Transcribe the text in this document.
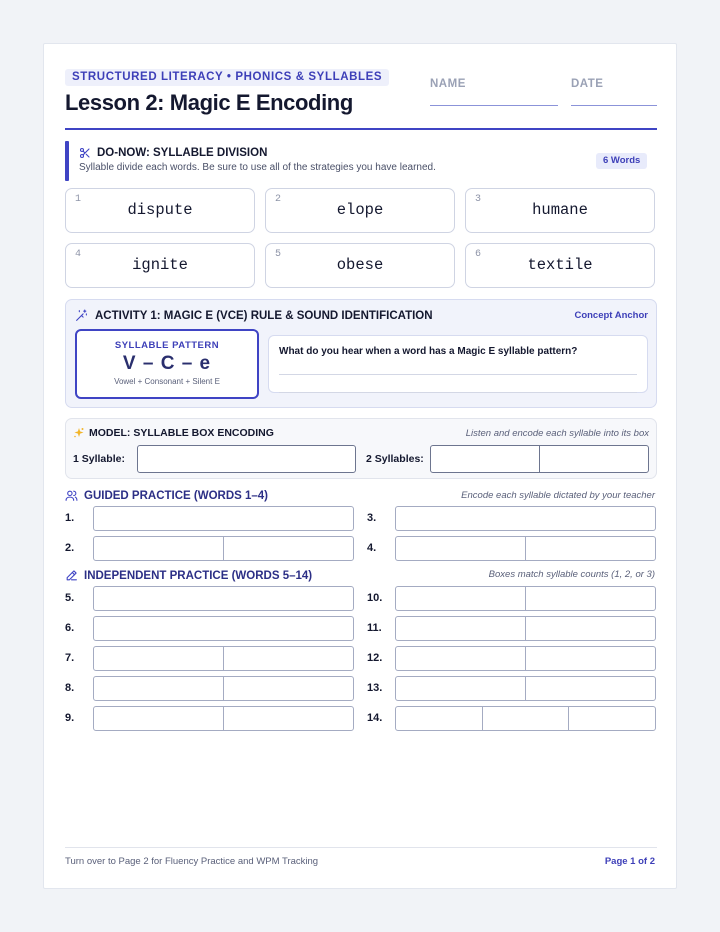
STRUCTURED LITERACY • PHONICS & SYLLABLES
Lesson 2: Magic E Encoding
NAME	DATE
DO-NOW: SYLLABLE DIVISION
Syllable divide each words. Be sure to use all of the strategies you have learned.
6 Words
1
dispute
2
elope
3
humane
4
ignite
5
obese
6
textile
ACTIVITY 1: MAGIC E (VCE) RULE & SOUND IDENTIFICATION	Concept Anchor
SYLLABLE PATTERN
V – C – e
Vowel + Consonant + Silent E
What do you hear when a word has a Magic E syllable pattern?
MODEL: SYLLABLE BOX ENCODING	Listen and encode each syllable into its box
1 Syllable:	2 Syllables:
GUIDED PRACTICE (WORDS 1–4)	Encode each syllable dictated by your teacher
1.	3.
2.	4.
INDEPENDENT PRACTICE (WORDS 5–14)	Boxes match syllable counts (1, 2, or 3)
5.	10.
6.	11.
7.	12.
8.	13.
9.	14.
Turn over to Page 2 for Fluency Practice and WPM Tracking	Page 1 of 2
